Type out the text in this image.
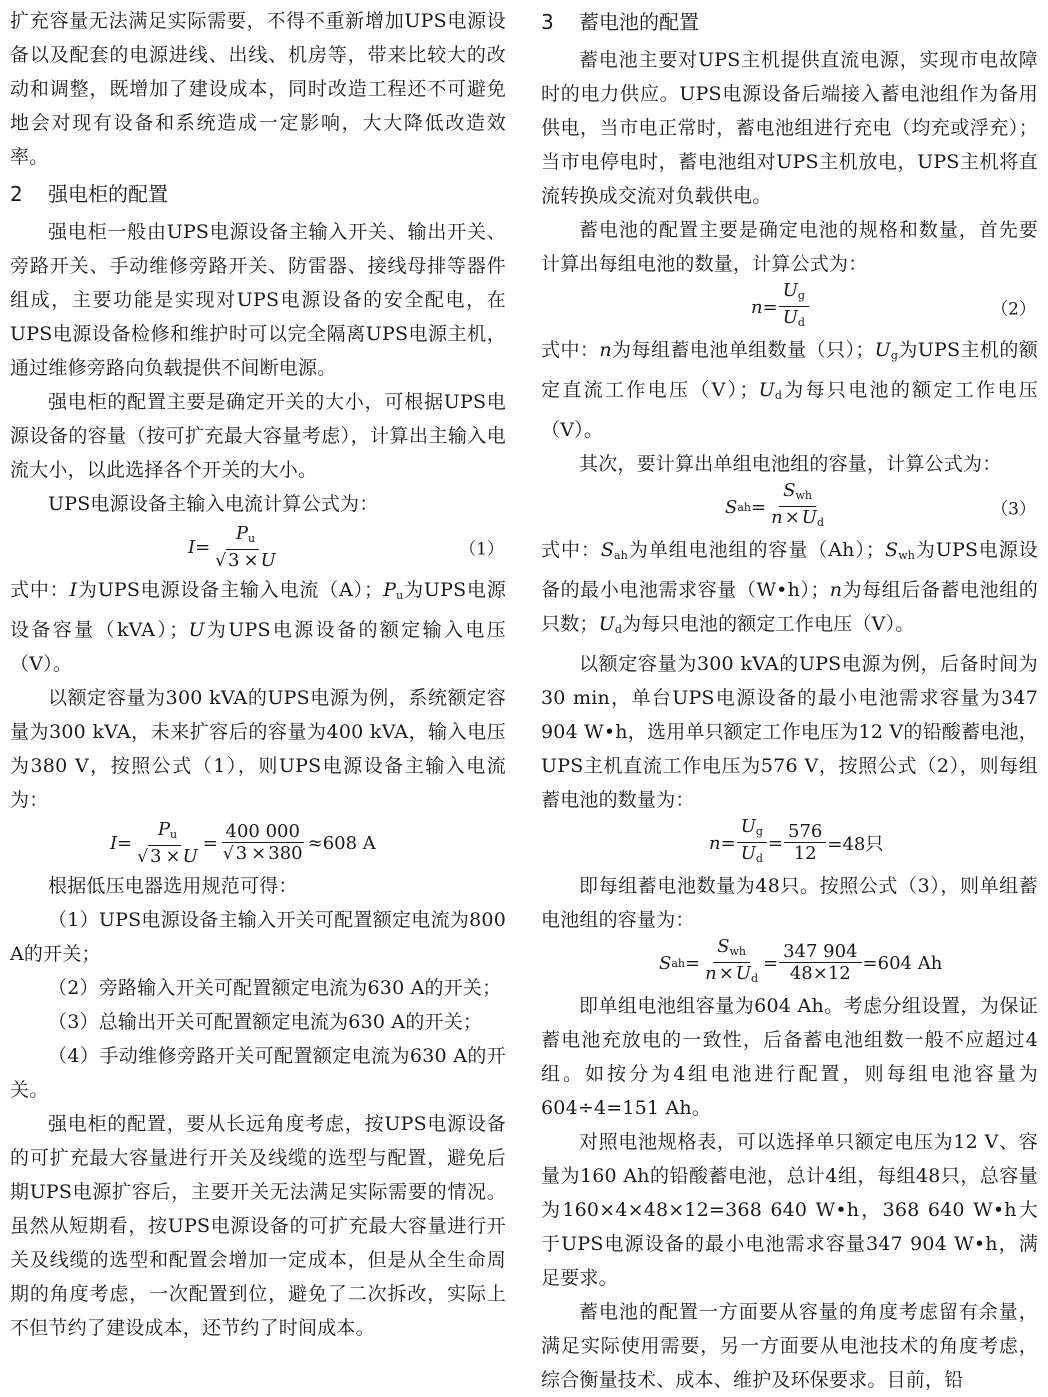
扩充容量无法满足实际需要，不得不重新增加UPS电源设备以及配套的电源进线、出线、机房等，带来比较大的改动和调整，既增加了建设成本，同时改造工程还不可避免地会对现有设备和系统造成一定影响，大大降低改造效率。

2 强电柜的配置

强电柜一般由UPS电源设备主输入开关、输出开关、旁路开关、手动维修旁路开关、防雷器、接线母排等器件组成，主要功能是实现对UPS电源设备的安全配电，在UPS电源设备检修和维护时可以完全隔离UPS电源主机，通过维修旁路向负载提供不间断电源。

强电柜的配置主要是确定开关的大小，可根据UPS电源设备的容量（按可扩充最大容量考虑），计算出主输入电流大小，以此选择各个开关的大小。

UPS电源设备主输入电流计算公式为：

$I= \frac{P_u}{√ 3 \times U}$	（1）

式中：I为UPS电源设备主输入电流（A）；$P_u$为UPS电源设备容量（kVA）；U为UPS电源设备的额定输入电压（V）。

以额定容量为300 kVA的UPS电源为例，系统额定容量为300 kVA，未来扩容后的容量为400 kVA，输入电压为380 V，按照公式（1），则UPS电源设备主输入电流为：

$I= \frac{P_u}{√ 3 \times U} = \frac{400 000}{√ 3 \times 380} \approx 608$ A

根据低压电器选用规范可得：

（1）UPS电源设备主输入开关可配置额定电流为800 A的开关；

（2）旁路输入开关可配置额定电流为630 A的开关；

（3）总输出开关可配置额定电流为630 A的开关；

（4）手动维修旁路开关可配置额定电流为630 A的开关。

强电柜的配置，要从长远角度考虑，按UPS电源设备的可扩充最大容量进行开关及线缆的选型与配置，避免后期UPS电源扩容后，主要开关无法满足实际需要的情况。虽然从短期看，按UPS电源设备的可扩充最大容量进行开关及线缆的选型和配置会增加一定成本，但是从全生命周期的角度考虑，一次配置到位，避免了二次拆改，实际上不但节约了建设成本，还节约了时间成本。

3 蓄电池的配置

蓄电池主要对UPS主机提供直流电源，实现市电故障时的电力供应。UPS电源设备后端接入蓄电池组作为备用供电，当市电正常时，蓄电池组进行充电（均充或浮充）；当市电停电时，蓄电池组对UPS主机放电，UPS主机将直流转换成交流对负载供电。

蓄电池的配置主要是确定电池的规格和数量，首先要计算出每组电池的数量，计算公式为：

$n= \frac{U_g}{U_d}$	（2）

式中：n为每组蓄电池单组数量（只）；$U_g$为UPS主机的额定直流工作电压（V）；$U_d$为每只电池的额定工作电压（V）。

其次，要计算出单组电池组的容量，计算公式为：

S ah = $\frac{S_{wh}}{n \times U_d}$	（3）

式中：$S_{ah}$为单组电池组的容量（Ah）；$S_{wh}$为UPS电源设备的最小电池需求容量（W•h）；n为每组后备蓄电池组的只数；$U_d$为每只电池的额定工作电压（V）。

以额定容量为300 kVA的UPS电源为例，后备时间为30 min，单台UPS电源设备的最小电池需求容量为347 904 W•h，选用单只额定工作电压为12 V的铅酸蓄电池，UPS主机直流工作电压为576 V，按照公式（2），则每组蓄电池的数量为：

$n= \frac{U_g}{U_d} = \frac{576}{12} =48$只

即每组蓄电池数量为48只。按照公式（3），则单组蓄电池组的容量为：

S ah = $\frac{S_{wh}}{n \times U_d} = \frac{347 904}{48\times 12} =604$ Ah

即单组电池组容量为604 Ah。考虑分组设置，为保证蓄电池充放电的一致性，后备蓄电池组数一般不应超过4组。如按分为4组电池进行配置，则每组电池容量为604÷4=151 Ah。

对照电池规格表，可以选择单只额定电压为12 V、容量为160 Ah的铅酸蓄电池，总计4组，每组48只，总容量为160×4×48×12=368 640 W•h，368 640 W•h大于UPS电源设备的最小电池需求容量347 904 W•h，满足要求。

蓄电池的配置一方面要从容量的角度考虑留有余量，满足实际使用需要，另一方面要从电池技术的角度考虑，综合衡量技术、成本、维护及环保要求。目前，铅
